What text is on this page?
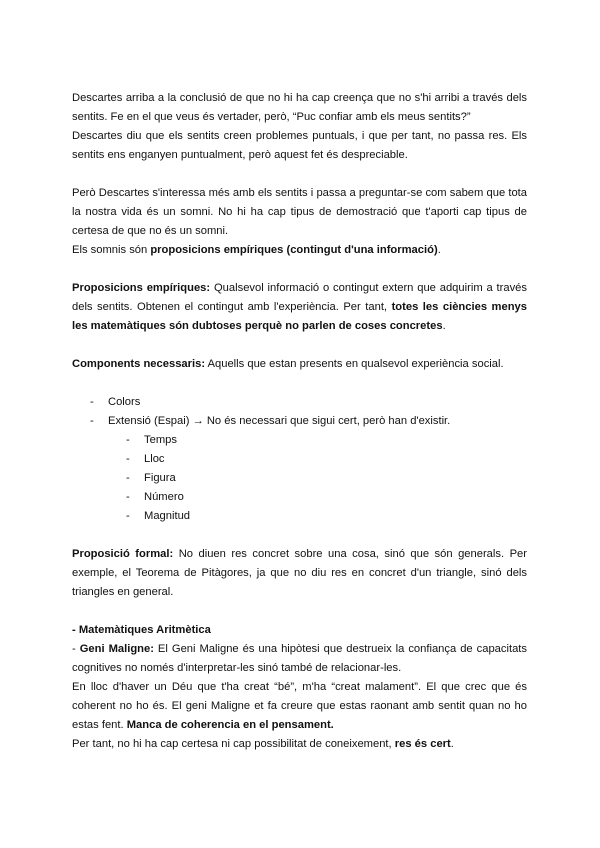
Descartes arriba a la conclusió de que no hi ha cap creença que no s'hi arribi a través dels sentits. Fe en el que veus és vertader, però, “Puc confiar amb els meus sentits?”

Descartes diu que els sentits creen problemes puntuals, i que per tant, no passa res. Els sentits ens enganyen puntualment, però aquest fet és despreciable.

Però Descartes s'interessa més amb els sentits i passa a preguntar-se com sabem que tota la nostra vida és un somni. No hi ha cap tipus de demostració que t'aporti cap tipus de certesa de que no és un somni.

Els somnis són proposicions empíriques (contingut d'una informació).

Proposicions empíriques: Qualsevol informació o contingut extern que adquirim a través dels sentits. Obtenen el contingut amb l'experiència. Per tant, totes les ciències menys les matemàtiques són dubtoses perquè no parlen de coses concretes.

Components necessaris: Aquells que estan presents en qualsevol experiència social.

- Colors
- Extensió (Espai) → No és necessari que sigui cert, però han d'existir.
- Temps
- Lloc
- Figura
- Número
- Magnitud

Proposició formal: No diuen res concret sobre una cosa, sinó que són generals. Per exemple, el Teorema de Pitàgores, ja que no diu res en concret d'un triangle, sinó dels triangles en general.

- Matemàtiques Aritmètica

- Geni Maligne: El Geni Maligne és una hipòtesi que destrueix la confiança de capacitats cognitives no només d'interpretar-les sinó també de relacionar-les.

En lloc d'haver un Déu que t'ha creat “bé”, m'ha “creat malament”. El que crec que és coherent no ho és. El geni Maligne et fa creure que estas raonant amb sentit quan no ho estas fent. Manca de coherencia en el pensament.

Per tant, no hi ha cap certesa ni cap possibilitat de coneixement, res és cert.
